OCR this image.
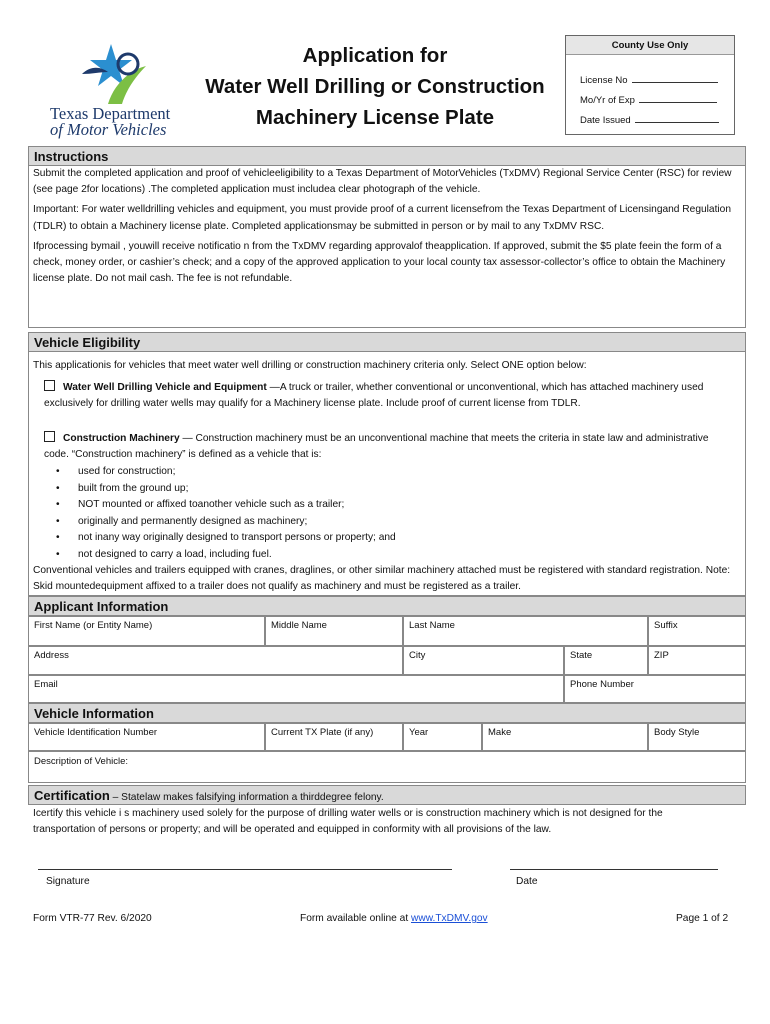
Texas Department
of Motor Vehicles
Application for
Water Well Drilling or Construction
Machinery License Plate
County Use Only
License No
Mo/Yr of Exp
Date Issued
Instructions

Submit the completed application and proof of vehicleeligibility to a Texas Department of MotorVehicles (TxDMV) Regional Service Center (RSC) for review (see page 2for locations) .The completed application must includea clear photograph of the vehicle.

Important: For water welldrilling vehicles and equipment, you must provide proof of a current licensefrom the Texas Department of Licensingand Regulation (TDLR) to obtain a Machinery license plate. Completed applicationsmay be submitted in person or by mail to any TxDMV RSC.

Ifprocessing bymail , youwill receive notificatio n from the TxDMV regarding approvalof theapplication. If approved, submit the $5 plate feein the form of a check, money order, or cashier’s check; and a copy of the approved application to your local county tax assessor-collector’s office to obtain the Machinery license plate. Do not mail cash. The fee is not refundable.

Vehicle Eligibility
This applicationis for vehicles that meet water well drilling or construction machinery criteria only. Select ONE option below:
Water Well Drilling Vehicle and Equipment —A truck or trailer, whether conventional or unconventional, which has attached machinery used exclusively for drilling water wells may qualify for a Machinery license plate. Include proof of current license from TDLR.
Construction Machinery — Construction machinery must be an unconventional machine that meets the criteria in state law and administrative code. “Construction machinery” is defined as a vehicle that is:
• used for construction;
• built from the ground up;
• NOT mounted or affixed toanother vehicle such as a trailer;
• originally and permanently designed as machinery;
• not inany way originally designed to transport persons or property; and
• not designed to carry a load, including fuel.
Conventional vehicles and trailers equipped with cranes, draglines, or other similar machinery attached must be registered with standard registration. Note: Skid mountedequipment affixed to a trailer does not qualify as machinery and must be registered as a trailer.
Applicant Information
First Name (or Entity Name)	Middle Name	Last Name	Suffix
Address	City	State	ZIP
Email	Phone Number
Vehicle Information
Vehicle Identification Number	Current TX Plate (if any)	Year	Make	Body Style
Description of Vehicle:
Certification – Statelaw makes falsifying information a thirddegree felony.
Icertify this vehicle i s machinery used solely for the purpose of drilling water wells or is construction machinery which is not designed for the transportation of persons or property; and will be operated and equipped in conformity with all provisions of the law.
Signature	Date
Form VTR-77 Rev. 6/2020	Form available online at www.TxDMV.gov	Page 1 of 2
